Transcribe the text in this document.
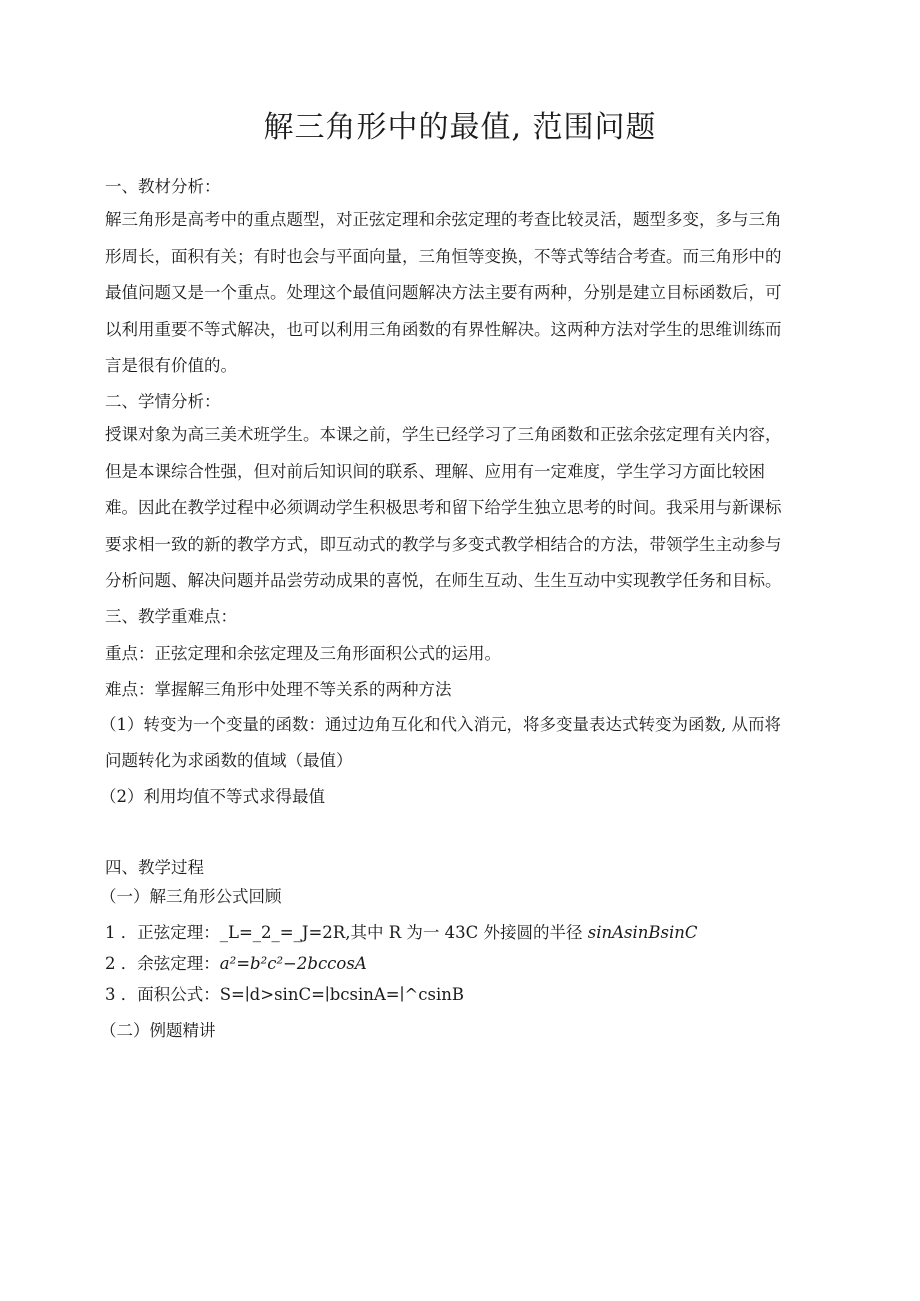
解三角形中的最值, 范围问题
一、教材分析：

解三角形是高考中的重点题型，对正弦定理和余弦定理的考查比较灵活，题型多变，多与三角

形周长，面积有关；有时也会与平面向量，三角恒等变换，不等式等结合考查。而三角形中的

最值问题又是一个重点。处理这个最值问题解决方法主要有两种，分别是建立目标函数后，可

以利用重要不等式解决，也可以利用三角函数的有界性解决。这两种方法对学生的思维训练而

言是很有价值的。

二、学情分析：

授课对象为高三美术班学生。本课之前，学生已经学习了三角函数和正弦余弦定理有关内容，

但是本课综合性强，但对前后知识间的联系、理解、应用有一定难度，学生学习方面比较困

难。因此在教学过程中必须调动学生积极思考和留下给学生独立思考的时间。我采用与新课标

要求相一致的新的教学方式，即互动式的教学与多变式教学相结合的方法，带领学生主动参与

分析问题、解决问题并品尝劳动成果的喜悦，在师生互动、生生互动中实现教学任务和目标。

三、教学重难点：
重点：正弦定理和余弦定理及三角形面积公式的运用。
难点：掌握解三角形中处理不等关系的两种方法
（1）转变为一个变量的函数：通过边角互化和代入消元，将多变量表达式转变为函数, 从而将
问题转化为求函数的值域（最值）
（2）利用均值不等式求得最值
四、教学过程
（一）解三角形公式回顾
1 ．正弦定理：_L=_2_=_J=2R,其中 R 为一 43C 外接圆的半径 sinAsinBsinC
2 ．余弦定理：a²=b²c²−2bccosA
3 ．面积公式：S=∣d>sinC=∣bcsinA=∣^csinB
（二）例题精讲
